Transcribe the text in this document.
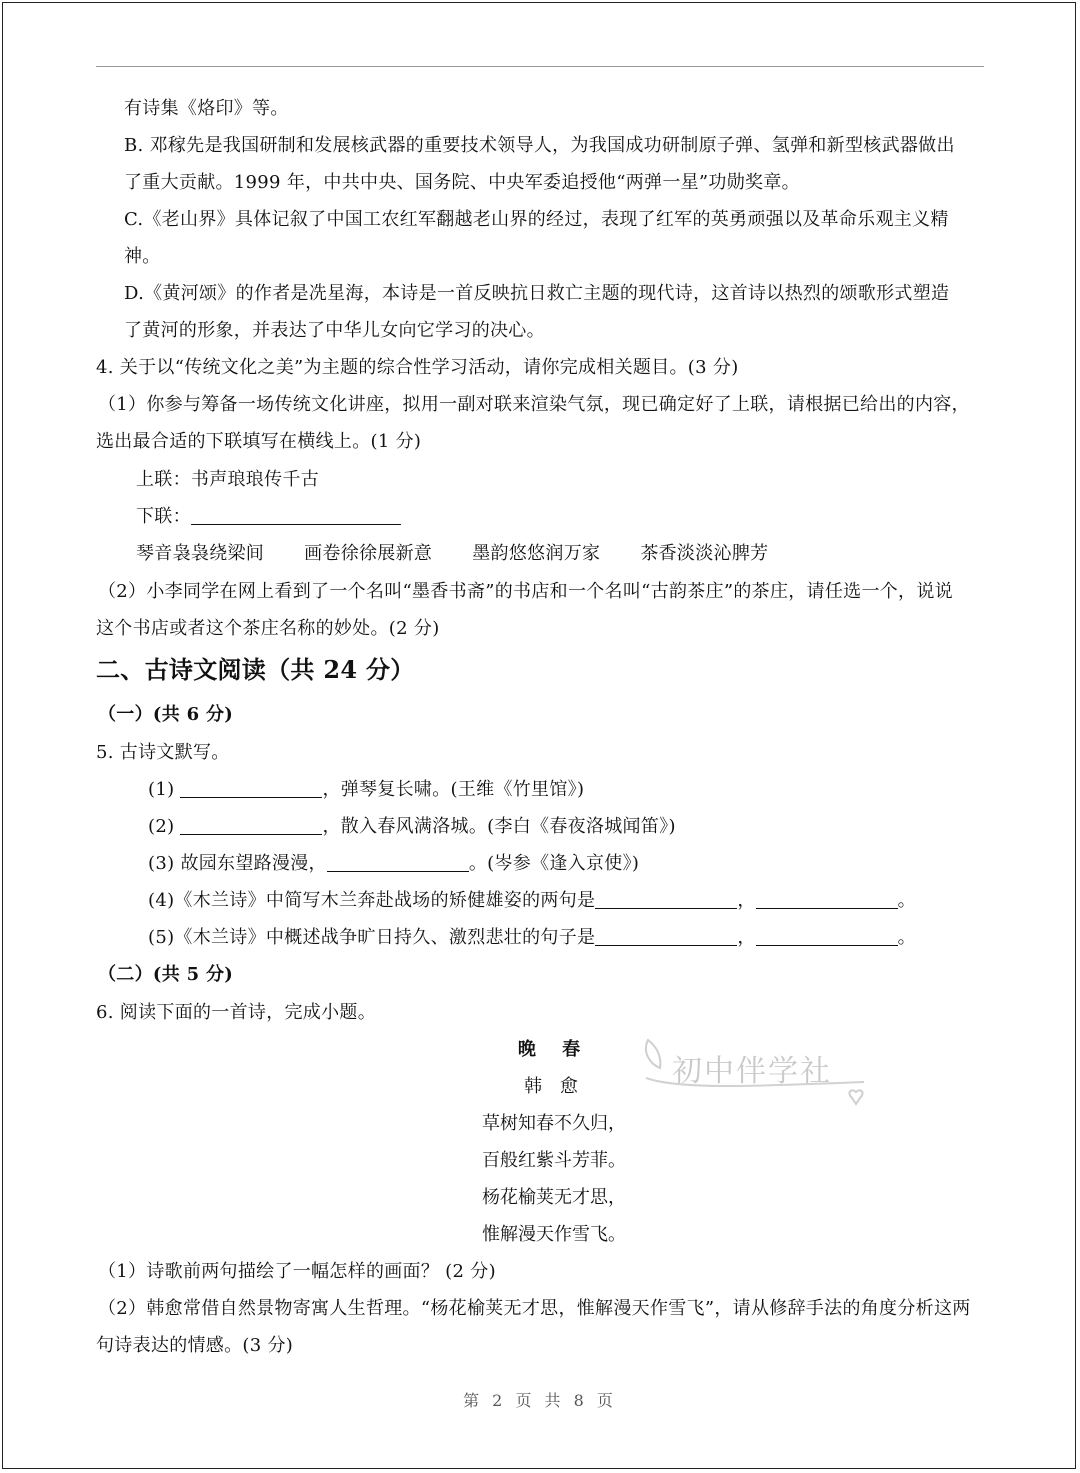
有诗集《烙印》等。
B. 邓稼先是我国研制和发展核武器的重要技术领导人，为我国成功研制原子弹、氢弹和新型核武器做出
了重大贡献。1999 年，中共中央、国务院、中央军委追授他“两弹一星”功勋奖章。
C.《老山界》具体记叙了中国工农红军翻越老山界的经过，表现了红军的英勇顽强以及革命乐观主义精
神。
D.《黄河颂》的作者是冼星海，本诗是一首反映抗日救亡主题的现代诗，这首诗以热烈的颂歌形式塑造
了黄河的形象，并表达了中华儿女向它学习的决心。
4. 关于以“传统文化之美”为主题的综合性学习活动，请你完成相关题目。(3 分)
（1）你参与筹备一场传统文化讲座，拟用一副对联来渲染气氛，现已确定好了上联，请根据已给出的内容，
选出最合适的下联填写在横线上。(1 分)
上联：书声琅琅传千古
下联：
琴音袅袅绕梁间 画卷徐徐展新意 墨韵悠悠润万家 茶香淡淡沁脾芳
（2）小李同学在网上看到了一个名叫“墨香书斋”的书店和一个名叫“古韵茶庄”的茶庄，请任选一个，说说
这个书店或者这个茶庄名称的妙处。(2 分)
二、古诗文阅读（共 24 分）
（一）(共 6 分)
5. 古诗文默写。
(1)	，弹琴复长啸。(王维《竹里馆》)
(2)	，散入春风满洛城。(李白《春夜洛城闻笛》)
(3) 故园东望路漫漫，	。(岑参《逢入京使》)
(4)《木兰诗》中简写木兰奔赴战场的矫健雄姿的两句是	，	。
(5)《木兰诗》中概述战争旷日持久、激烈悲壮的句子是	，	。
（二）(共 5 分)
6. 阅读下面的一首诗，完成小题。
晚 春
韩 愈
草树知春不久归，
百般红紫斗芳菲。
杨花榆荚无才思，
惟解漫天作雪飞。
初中伴学社
（1）诗歌前两句描绘了一幅怎样的画面？ (2 分)
（2）韩愈常借自然景物寄寓人生哲理。“杨花榆荚无才思，惟解漫天作雪飞”，请从修辞手法的角度分析这两
句诗表达的情感。(3 分)
第 2 页 共 8 页
